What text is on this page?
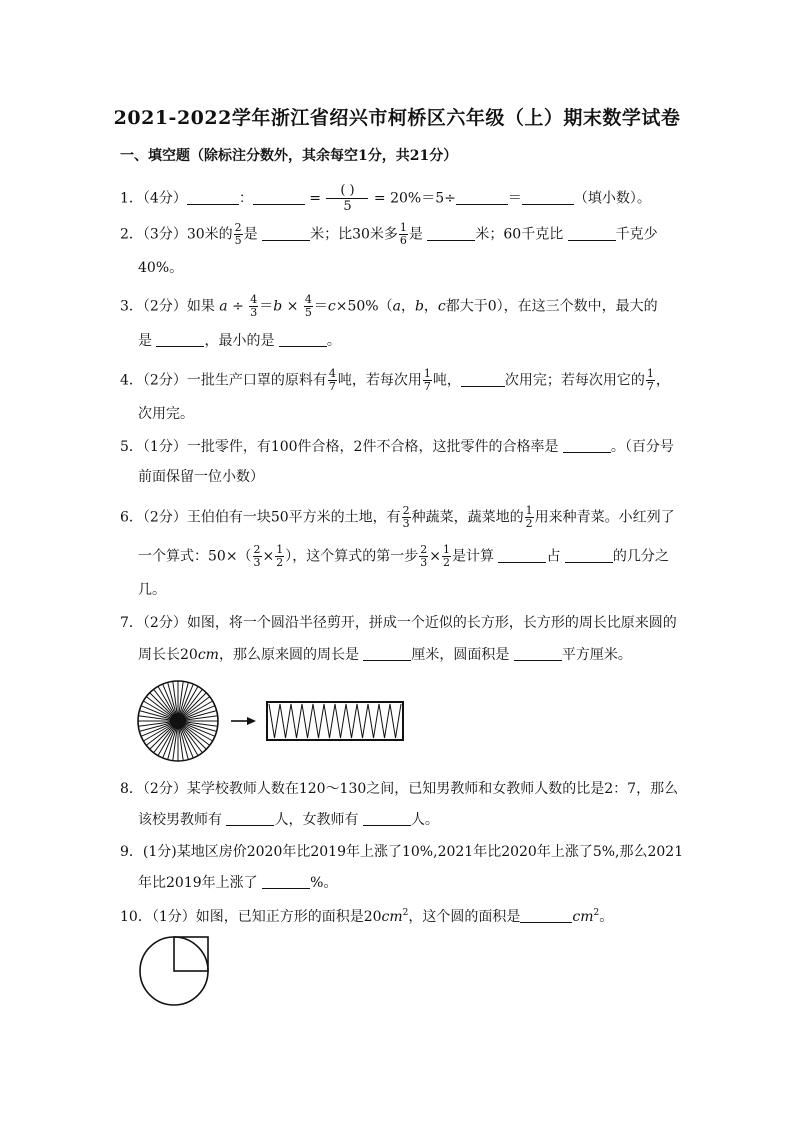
2021-2022学年浙江省绍兴市柯桥区六年级（上）期末数学试卷
一、填空题（除标注分数外，其余每空1分，共21分）
1．（4分）	：	= $\frac{( )}{5} = 20\%=5\div$	＝	（填小数）。
2．（3分）30米的 $\frac{2}{5}$ 是	米；比30米多 $\frac{1}{6}$ 是	米；60千克比	千克少
40%。
3．（2分）如果 $a \div \frac{4}{3} =b \times \frac{4}{5} =c\times 50\%(a$，b，c都大于0），在这三个数中，最大的
是	，最小的是	。
4．（2分）一批生产口罩的原料有 $\frac{4}{7}$ 吨，若每次用 $\frac{1}{7}$ 吨，	次用完；若每次用它的 $\frac{1}{7}$ ，
次用完。
5．（1分）一批零件，有100件合格，2件不合格，这批零件的合格率是	。（百分号
前面保留一位小数）
6．（2分）王伯伯有一块50平方米的土地，有 $\frac{2}{3}$ 种蔬菜，蔬菜地的 $\frac{1}{2}$ 用来种青菜。小红列了
一个算式：$50\times( \frac{2}{3} \times \frac{1}{2}$ ），这个算式的第一步 $\frac{2}{3} \times \frac{1}{2}$ 是计算	占	的几分之
几。
7．（2分）如图，将一个圆沿半径剪开，拼成一个近似的长方形，长方形的周长比原来圆的
周长长20cm，那么原来圆的周长是	厘米，圆面积是	平方厘米。
8．（2分）某学校教师人数在120～130之间，已知男教师和女教师人数的比是2：7，那么
该校男教师有	人，女教师有	人。
9．(1分)某地区房价2020年比2019年上涨了10%,2021年比2020年上涨了5%,那么2021
年比2019年上涨了	%。
10．（1分）如图，已知正方形的面积是$20cm^2$，这个圆的面积是	$cm^2$。
